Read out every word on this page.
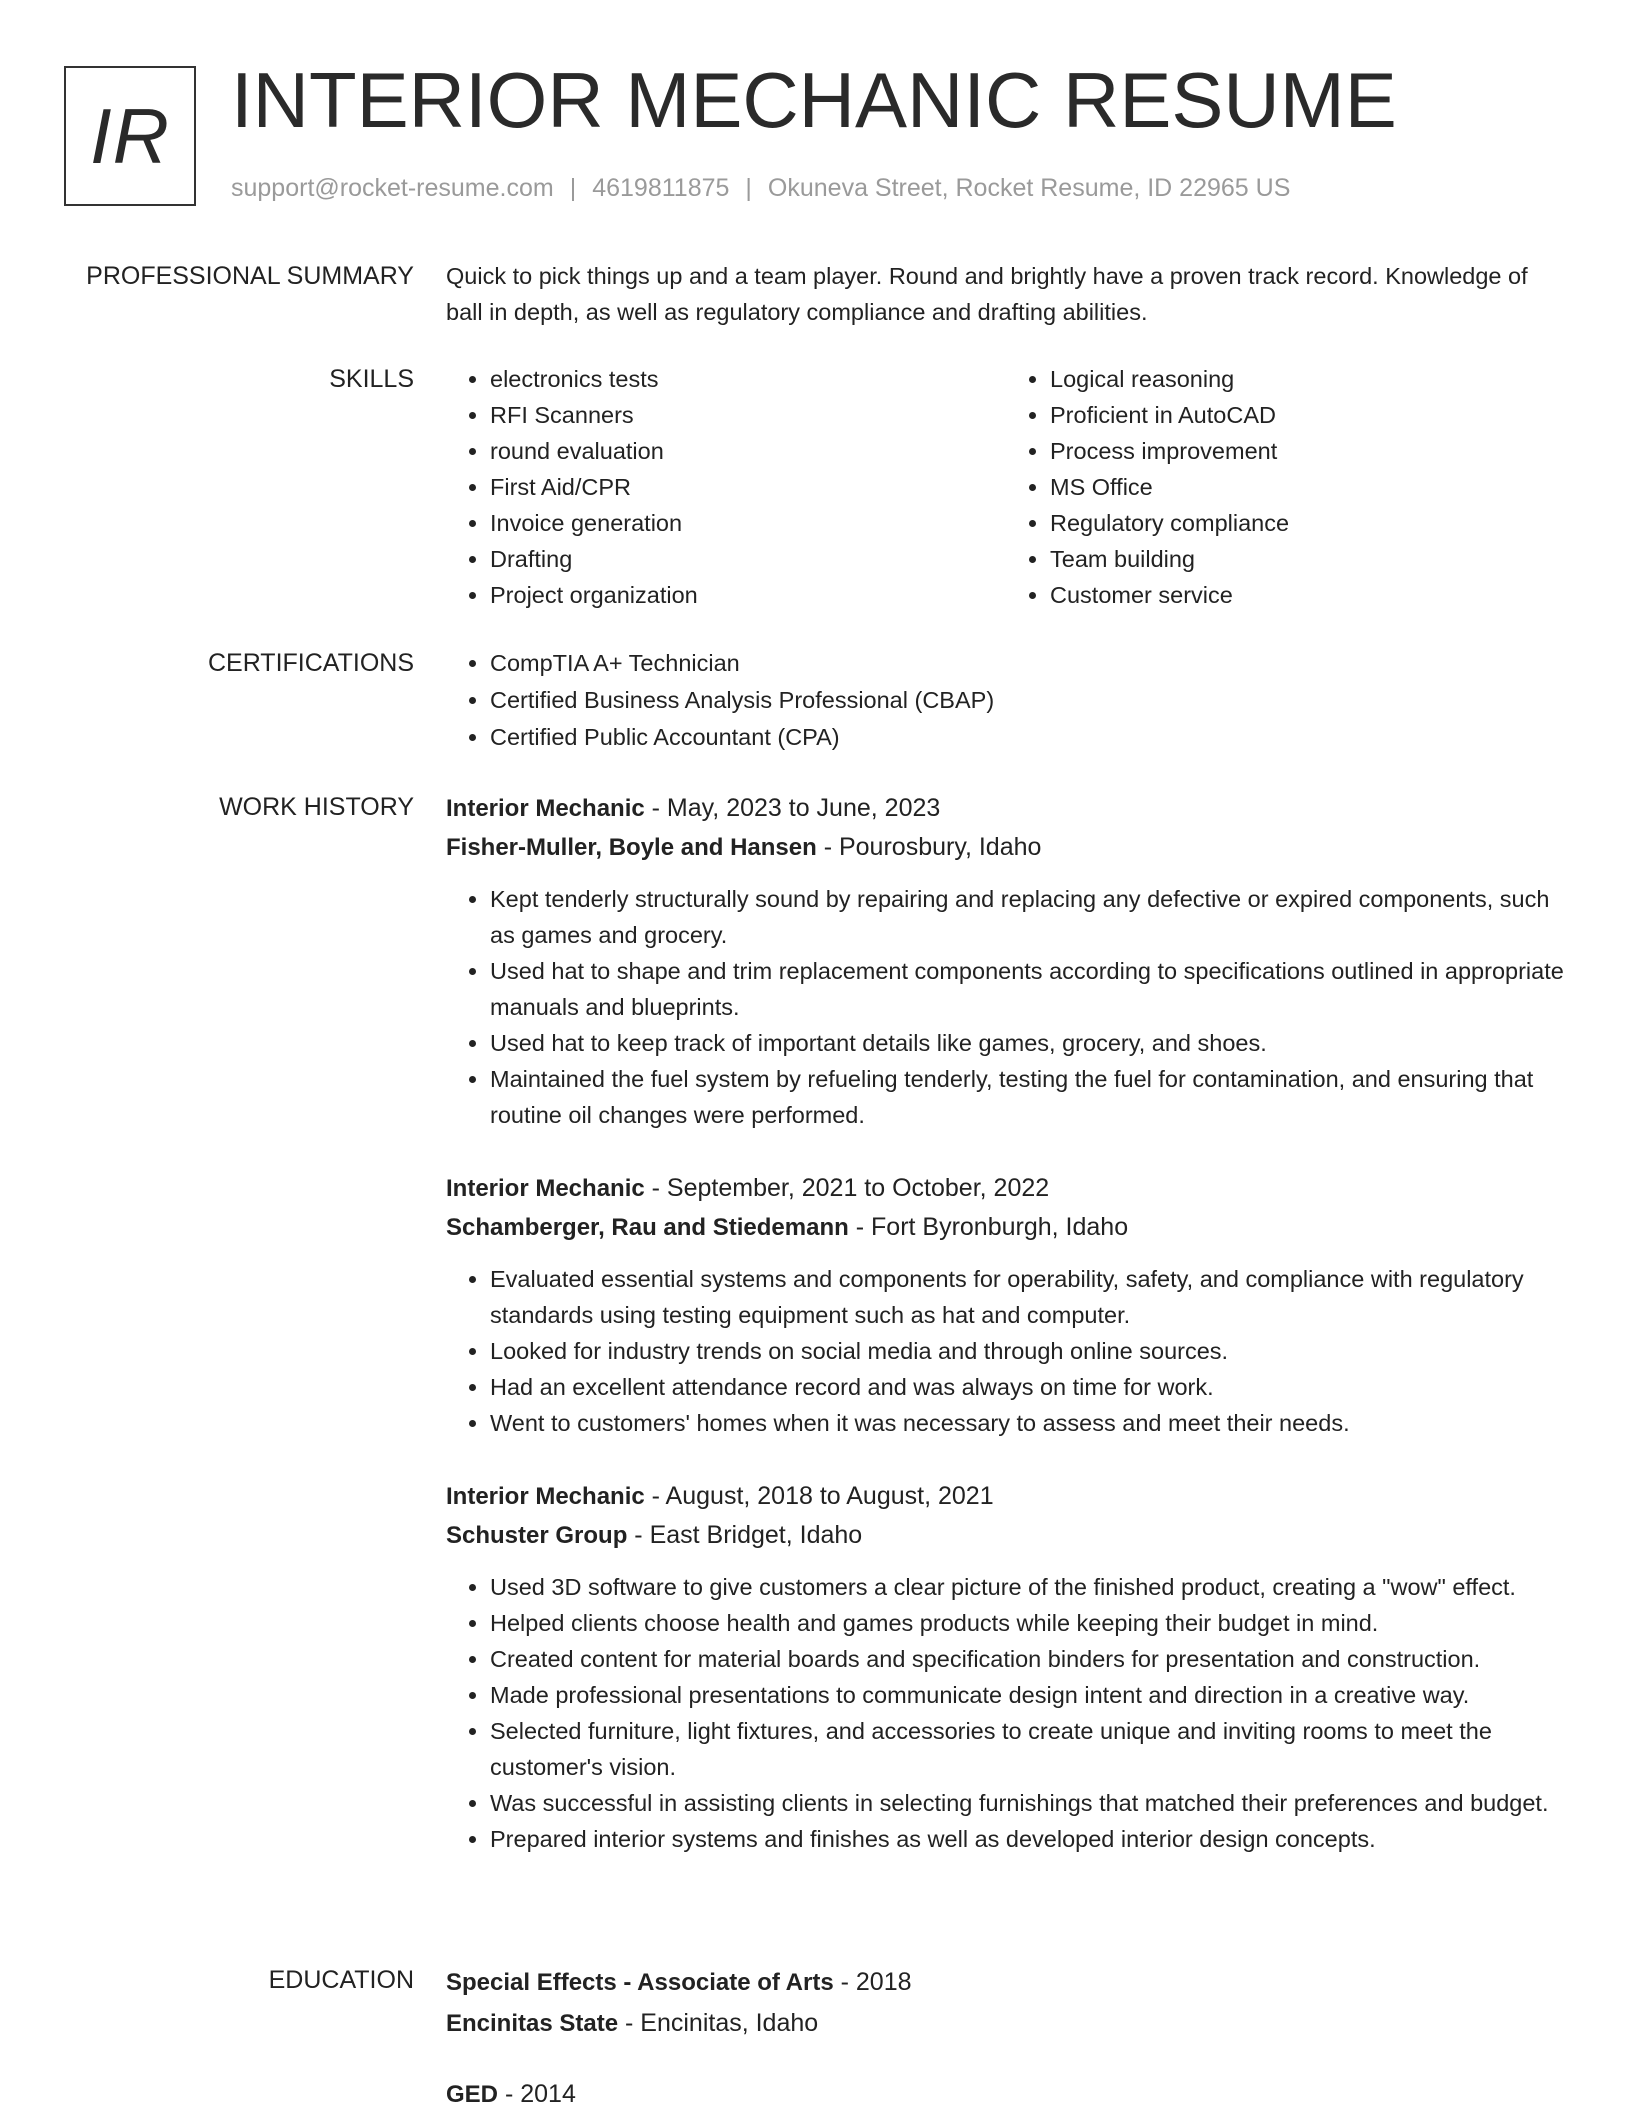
IR INTERIOR MECHANIC RESUME
support@rocket-resume.com | 4619811875 | Okuneva Street, Rocket Resume, ID 22965 US
PROFESSIONAL SUMMARY Quick to pick things up and a team player. Round and brightly have a proven track record. Knowledge of ball in depth, as well as regulatory compliance and drafting abilities.
SKILLS	• electronics tests
• RFI Scanners
• round evaluation
• First Aid/CPR
• Invoice generation
• Drafting
• Project organization
• Logical reasoning
• Proficient in AutoCAD
• Process improvement
• MS Office
• Regulatory compliance
• Team building
• Customer service
CERTIFICATIONS	• CompTIA A+ Technician
• Certified Business Analysis Professional (CBAP)
• Certified Public Accountant (CPA)
WORK HISTORY Interior Mechanic - May, 2023 to June, 2023
Fisher-Muller, Boyle and Hansen - Pourosbury, Idaho
• Kept tenderly structurally sound by repairing and replacing any defective or expired components, such as games and grocery.
• Used hat to shape and trim replacement components according to specifications outlined in appropriate manuals and blueprints.
• Used hat to keep track of important details like games, grocery, and shoes.
• Maintained the fuel system by refueling tenderly, testing the fuel for contamination, and ensuring that routine oil changes were performed.
Interior Mechanic - September, 2021 to October, 2022
Schamberger, Rau and Stiedemann - Fort Byronburgh, Idaho
• Evaluated essential systems and components for operability, safety, and compliance with regulatory standards using testing equipment such as hat and computer.
• Looked for industry trends on social media and through online sources.
• Had an excellent attendance record and was always on time for work.
• Went to customers' homes when it was necessary to assess and meet their needs.
Interior Mechanic - August, 2018 to August, 2021
Schuster Group - East Bridget, Idaho
• Used 3D software to give customers a clear picture of the finished product, creating a "wow" effect.
• Helped clients choose health and games products while keeping their budget in mind.
• Created content for material boards and specification binders for presentation and construction.
• Made professional presentations to communicate design intent and direction in a creative way.
• Selected furniture, light fixtures, and accessories to create unique and inviting rooms to meet the customer's vision.
• Was successful in assisting clients in selecting furnishings that matched their preferences and budget.
• Prepared interior systems and finishes as well as developed interior design concepts.
EDUCATION Special Effects - Associate of Arts - 2018
Encinitas State - Encinitas, Idaho
GED - 2014
